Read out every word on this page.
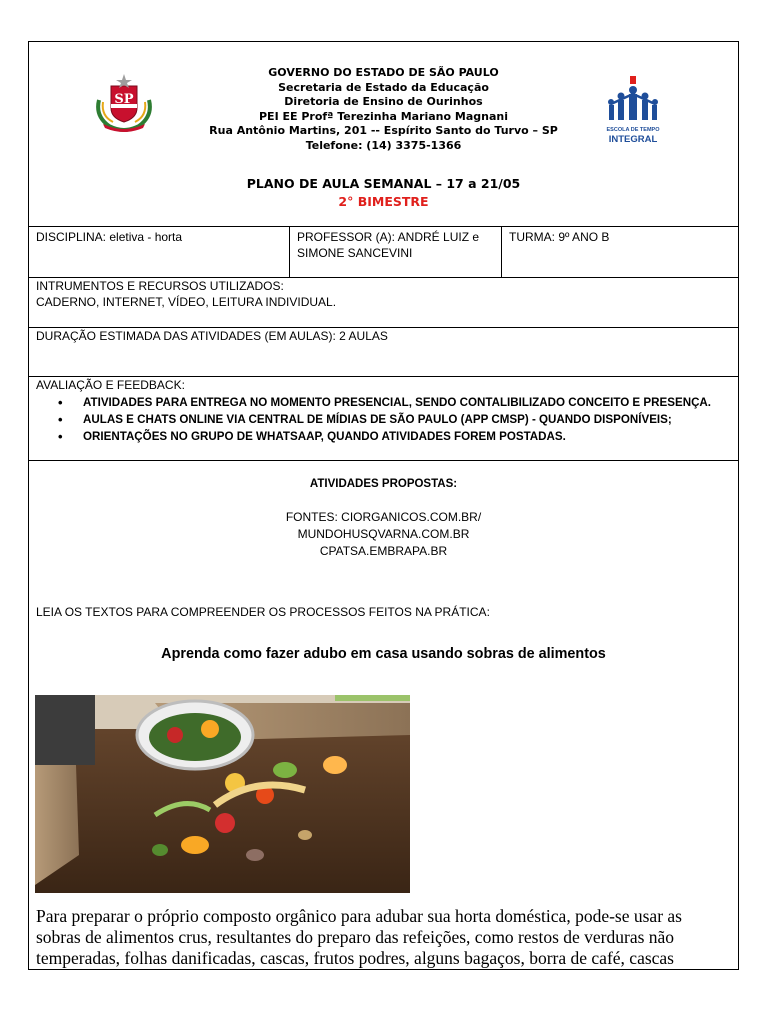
SP
GOVERNO DO ESTADO DE SÃO PAULO
Secretaria de Estado da Educação
Diretoria de Ensino de Ourinhos
PEI EE Profª Terezinha Mariano Magnani
Rua Antônio Martins, 201 -- Espírito Santo do Turvo – SP
Telefone: (14) 3375-1366
ESCOLA DE TEMPO
INTEGRAL
PLANO DE AULA SEMANAL – 17 a 21/05
2° BIMESTRE
DISCIPLINA: eletiva - horta	PROFESSOR (A): ANDRÉ LUIZ e
SIMONE SANCEVINI
TURMA: 9º ANO B
INTRUMENTOS E RECURSOS UTILIZADOS:
CADERNO, INTERNET, VÍDEO, LEITURA INDIVIDUAL.
DURAÇÃO ESTIMADA DAS ATIVIDADES (EM AULAS): 2 AULAS
AVALIAÇÃO E FEEDBACK:
• ATIVIDADES PARA ENTREGA NO MOMENTO PRESENCIAL, SENDO CONTALIBILIZADO CONCEITO E PRESENÇA.
• AULAS E CHATS ONLINE VIA CENTRAL DE MÍDIAS DE SÃO PAULO (APP CMSP) - QUANDO DISPONÍVEIS;
• ORIENTAÇÕES NO GRUPO DE WHATSAAP, QUANDO ATIVIDADES FOREM POSTADAS.
ATIVIDADES PROPOSTAS:
FONTES: CIORGANICOS.COM.BR/
MUNDOHUSQVARNA.COM.BR
CPATSA.EMBRAPA.BR
LEIA OS TEXTOS PARA COMPREENDER OS PROCESSOS FEITOS NA PRÁTICA:
Aprenda como fazer adubo em casa usando sobras de alimentos
Para preparar o próprio composto orgânico para adubar sua horta doméstica, pode-se usar as
sobras de alimentos crus, resultantes do preparo das refeições, como restos de verduras não
temperadas, folhas danificadas, cascas, frutos podres, alguns bagaços, borra de café, cascas
